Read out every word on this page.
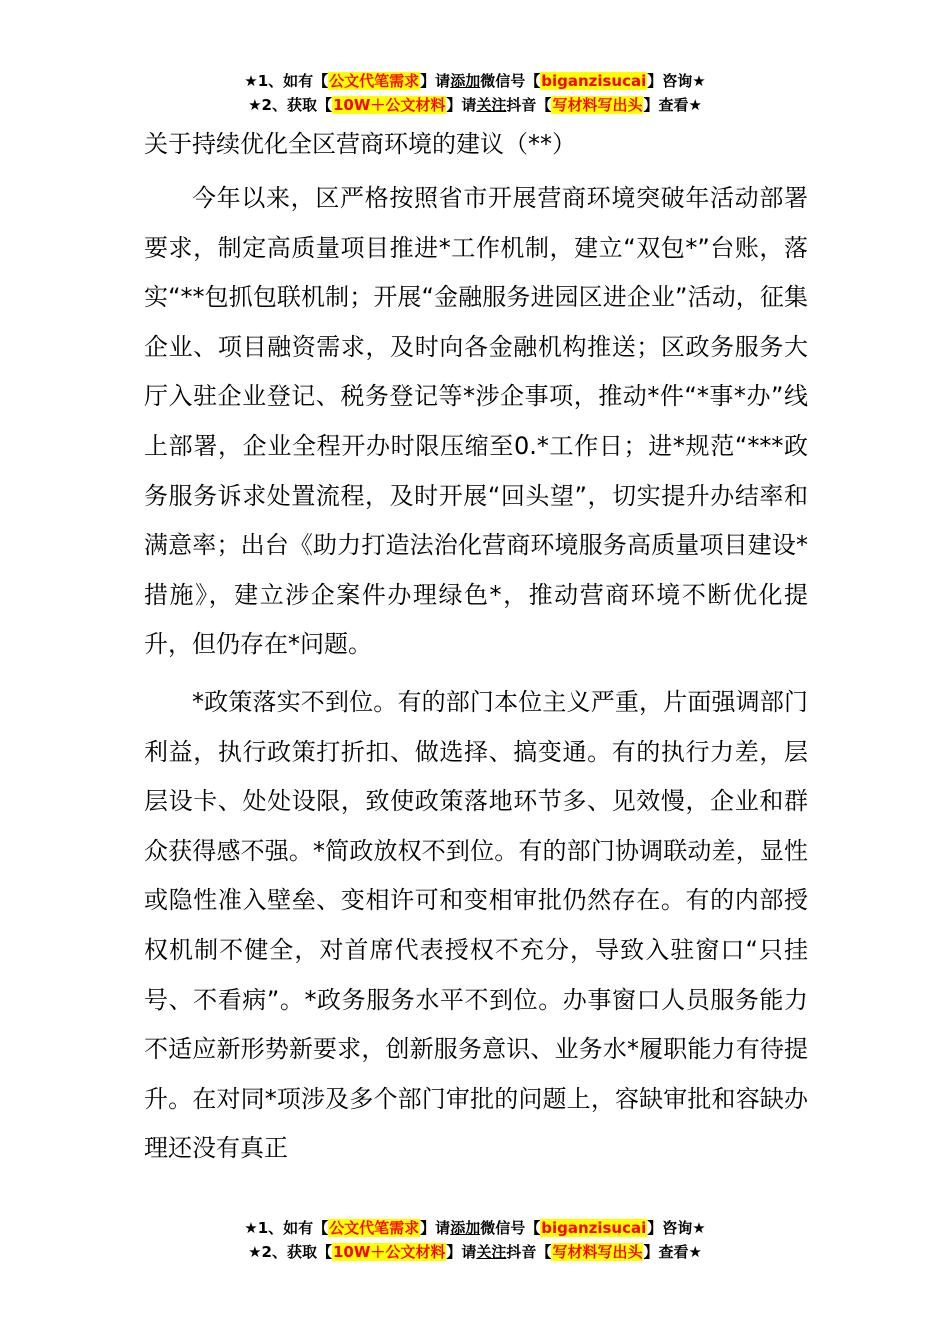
★1、如有【公文代笔需求】请添加微信号【biganzisucai】咨询★
★2、获取【10W＋公文材料】请关注抖音【写材料写出头】查看★
关于持续优化全区营商环境的建议（**）

今年以来，区严格按照省市开展营商环境突破年活动部署要求，制定高质量项目推进*工作机制，建立“双包*”台账，落实“**包抓包联机制；开展“金融服务进园区进企业”活动，征集企业、项目融资需求，及时向各金融机构推送；区政务服务大厅入驻企业登记、税务登记等*涉企事项，推动*件“*事*办”线上部署，企业全程开办时限压缩至0.*工作日；进*规范“***政务服务诉求处置流程，及时开展“回头望”，切实提升办结率和满意率；出台《助力打造法治化营商环境服务高质量项目建设*措施》，建立涉企案件办理绿色*，推动营商环境不断优化提升，但仍存在*问题。

*政策落实不到位。有的部门本位主义严重，片面强调部门利益，执行政策打折扣、做选择、搞变通。有的执行力差，层层设卡、处处设限，致使政策落地环节多、见效慢，企业和群众获得感不强。*简政放权不到位。有的部门协调联动差，显性或隐性准入壁垒、变相许可和变相审批仍然存在。有的内部授权机制不健全，对首席代表授权不充分，导致入驻窗口“只挂号、不看病”。*政务服务水平不到位。办事窗口人员服务能力不适应新形势新要求，创新服务意识、业务水*履职能力有待提升。在对同*项涉及多个部门审批的问题上，容缺审批和容缺办理还没有真正

★1、如有【公文代笔需求】请添加微信号【biganzisucai】咨询★
★2、获取【10W＋公文材料】请关注抖音【写材料写出头】查看★
